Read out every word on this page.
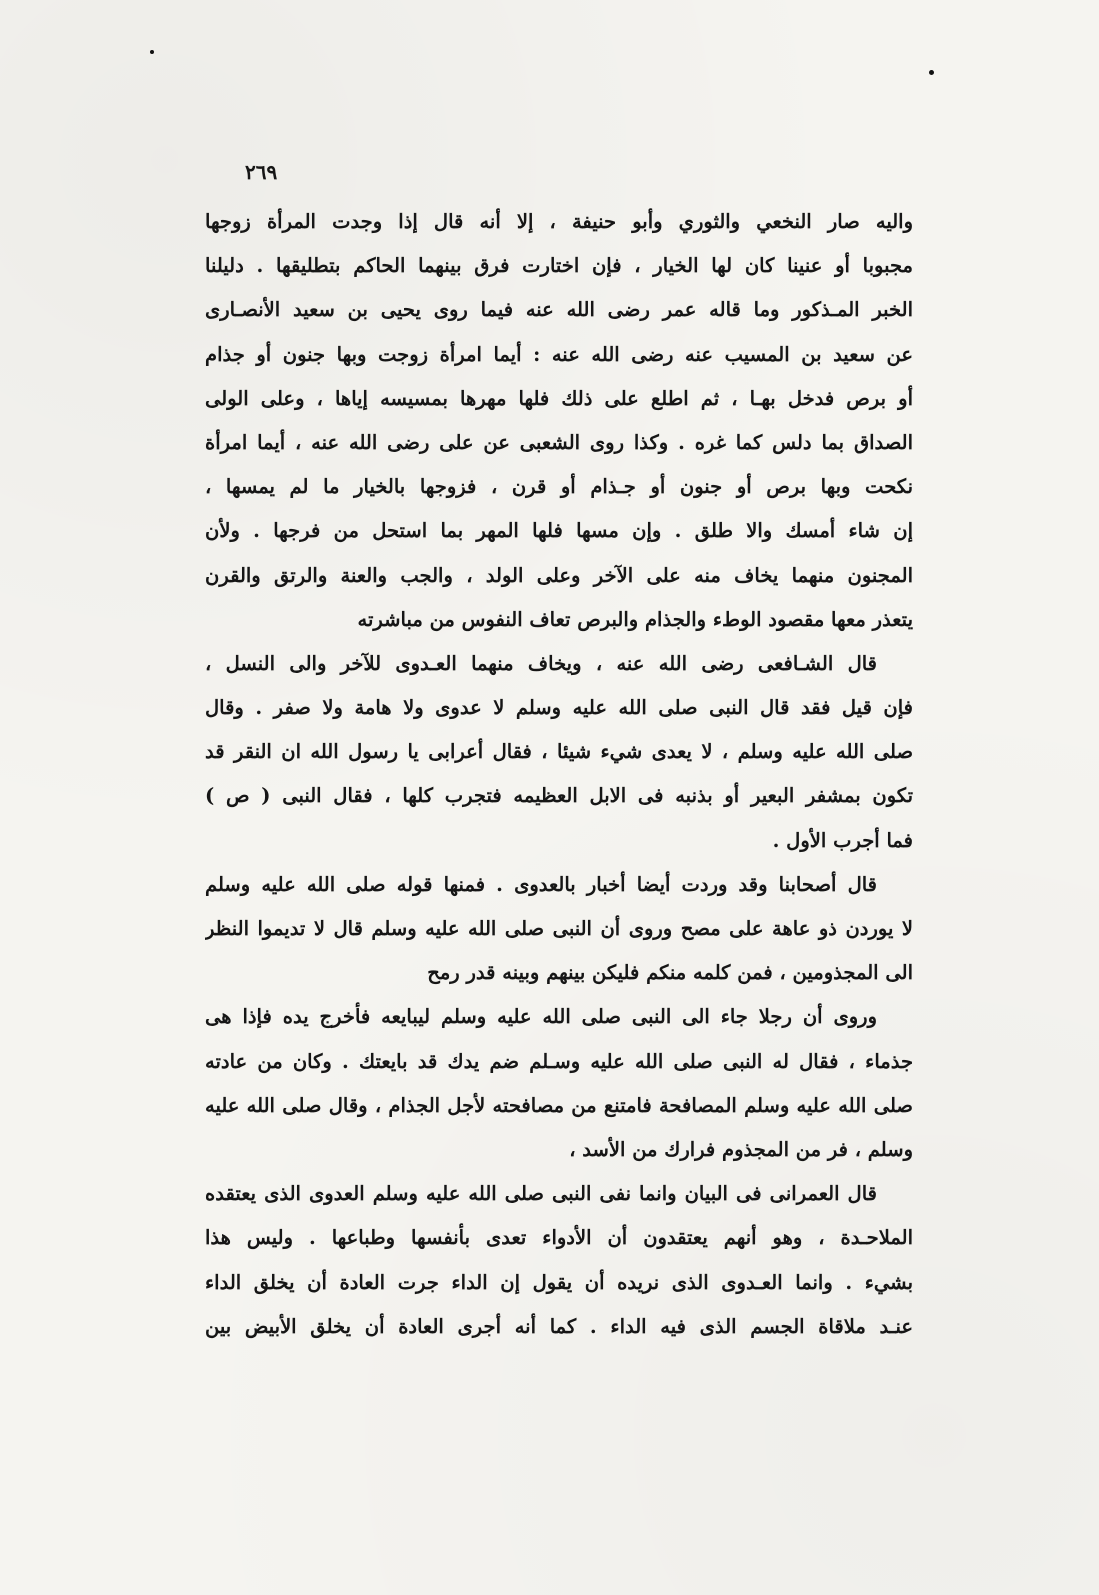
٢٦٩
واليه صار النخعي والثوري وأبو حنيفة ، إلا أنه قال إذا وجدت المرأة زوجها
مجبوبا أو عنينا كان لها الخيار ، فإن اختارت فرق بينهما الحاكم بتطليقها . دليلنا
الخبر المـذكور وما قاله عمر رضى الله عنه فيما روى يحيى بن سعيد الأنصـارى
عن سعيد بن المسيب عنه رضى الله عنه : أيما امرأة زوجت وبها جنون أو جذام
أو برص فدخل بهـا ، ثم اطلع على ذلك فلها مهرها بمسيسه إياها ، وعلى الولى
الصداق بما دلس كما غره . وكذا روى الشعبى عن على رضى الله عنه ، أيما امرأة
نكحت وبها برص أو جنون أو جـذام أو قرن ، فزوجها بالخيار ما لم يمسها ،
إن شاء أمسك والا طلق . وإن مسها فلها المهر بما استحل من فرجها . ولأن
المجنون منهما يخاف منه على الآخر وعلى الولد ، والجب والعنة والرتق والقرن
يتعذر معها مقصود الوطء والجذام والبرص تعاف النفوس من مباشرته
قال الشـافعى رضى الله عنه ، ويخاف منهما العـدوى للآخر والى النسل ،
فإن قيل فقد قال النبى صلى الله عليه وسلم لا عدوى ولا هامة ولا صفر . وقال
صلى الله عليه وسلم ، لا يعدى شيء شيئا ، فقال أعرابى يا رسول الله ان النقر قد
تكون بمشفر البعير أو بذنبه فى الابل العظيمه فتجرب كلها ، فقال النبى ( ص )
فما أجرب الأول .
قال أصحابنا وقد وردت أيضا أخبار بالعدوى . فمنها قوله صلى الله عليه وسلم
لا يوردن ذو عاهة على مصح وروى أن النبى صلى الله عليه وسلم قال لا تديموا النظر
الى المجذومين ، فمن كلمه منكم فليكن بينهم وبينه قدر رمح
وروى أن رجلا جاء الى النبى صلى الله عليه وسلم ليبايعه فأخرج يده فإذا هى
جذماء ، فقال له النبى صلى الله عليه وسـلم ضم يدك قد بايعتك . وكان من عادته
صلى الله عليه وسلم المصافحة فامتنع من مصافحته لأجل الجذام ، وقال صلى الله عليه
وسلم ، فر من المجذوم فرارك من الأسد ،
قال العمرانى فى البيان وانما نفى النبى صلى الله عليه وسلم العدوى الذى يعتقده
الملاحـدة ، وهو أنهم يعتقدون أن الأدواء تعدى بأنفسها وطباعها . وليس هذا
بشيء . وانما العـدوى الذى نريده أن يقول إن الداء جرت العادة أن يخلق الداء
عنـد ملاقاة الجسم الذى فيه الداء . كما أنه أجرى العادة أن يخلق الأبيض بين
